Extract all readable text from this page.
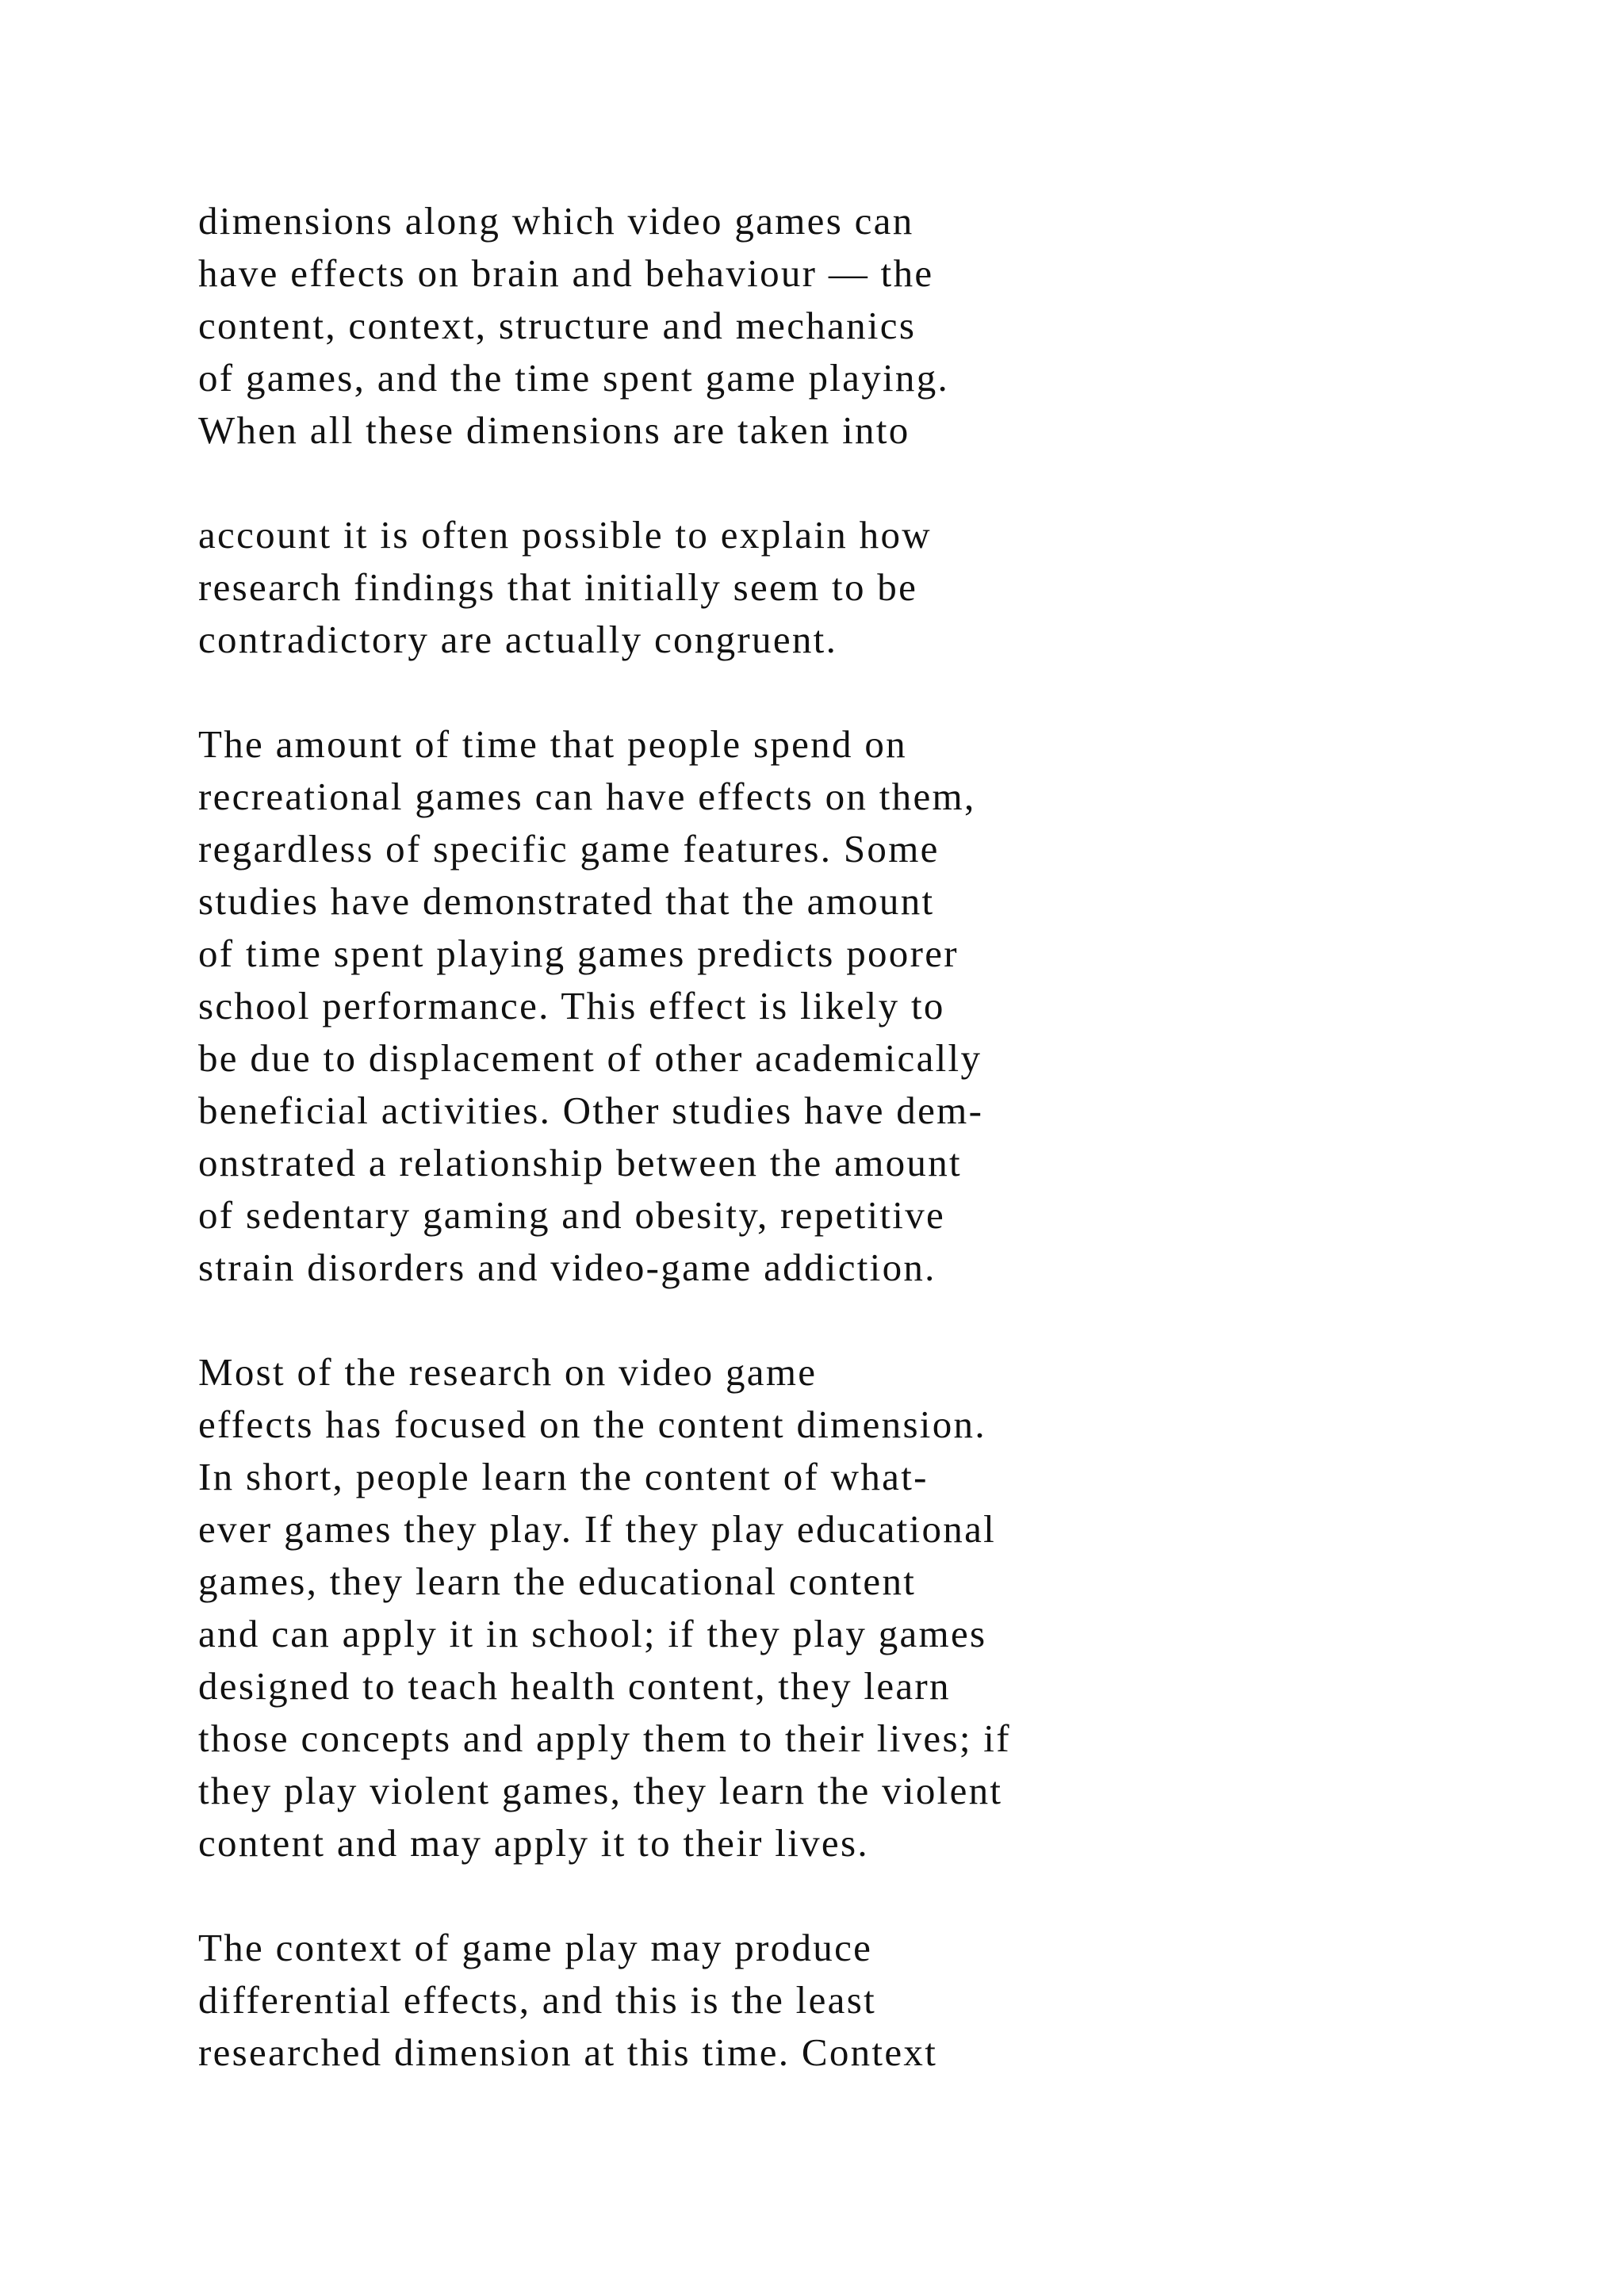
dimensions along which video games can
have effects on brain and behaviour — the
content, context, structure and mechanics
of games, and the time spent game playing.
When all these dimensions are taken into
account it is often possible to explain how
research findings that initially seem to be
contradictory are actually congruent.
The amount of time that people spend on
recreational games can have effects on them,
regardless of specific game features. Some
studies have demonstrated that the amount
of time spent playing games predicts poorer
school performance. This effect is likely to
be due to displacement of other academically
beneficial activities. Other studies have dem-
onstrated a relationship between the amount
of sedentary gaming and obesity, repetitive
strain disorders and video-game addiction.
Most of the research on video game
effects has focused on the content dimension.
In short, people learn the content of what-
ever games they play. If they play educational
games, they learn the educational content
and can apply it in school; if they play games
designed to teach health content, they learn
those concepts and apply them to their lives; if
they play violent games, they learn the violent
content and may apply it to their lives.
The context of game play may produce
differential effects, and this is the least
researched dimension at this time. Context
